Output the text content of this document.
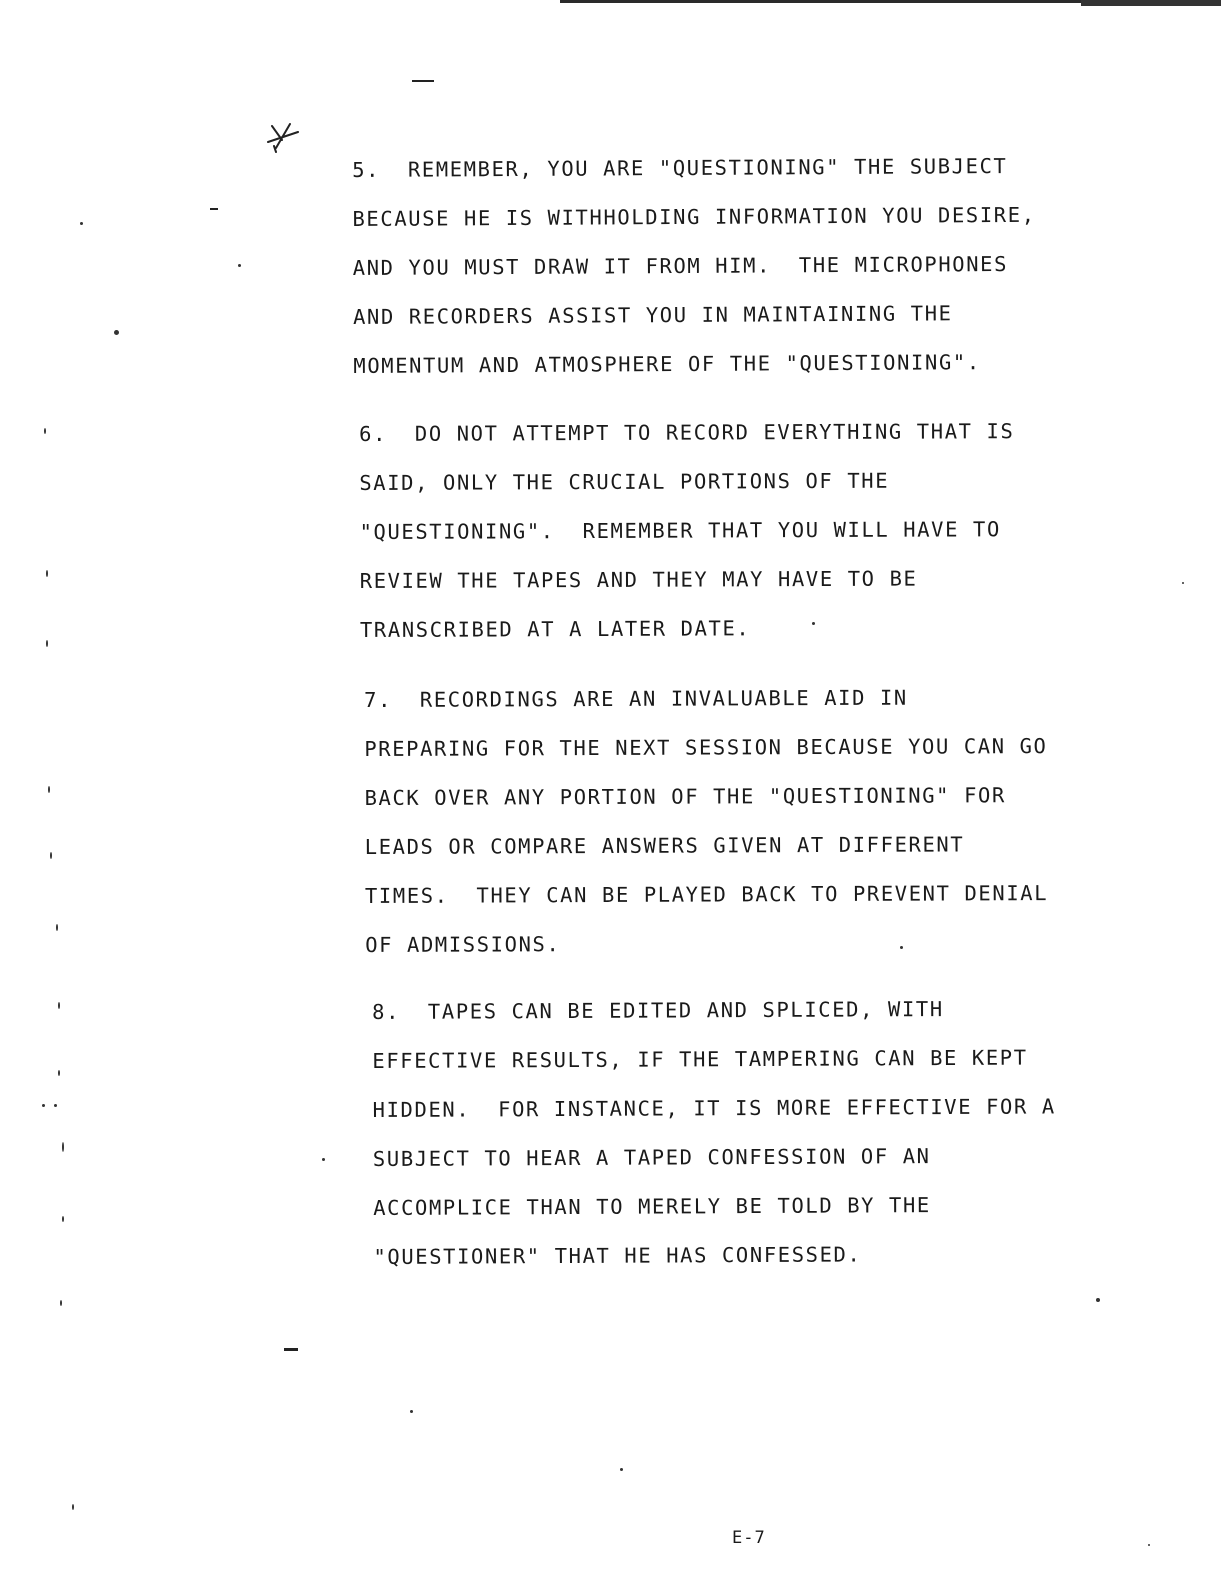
5.  REMEMBER, YOU ARE "QUESTIONING" THE SUBJECT
BECAUSE HE IS WITHHOLDING INFORMATION YOU DESIRE,
AND YOU MUST DRAW IT FROM HIM.  THE MICROPHONES
AND RECORDERS ASSIST YOU IN MAINTAINING THE
MOMENTUM AND ATMOSPHERE OF THE "QUESTIONING".
6.  DO NOT ATTEMPT TO RECORD EVERYTHING THAT IS
SAID, ONLY THE CRUCIAL PORTIONS OF THE
"QUESTIONING".  REMEMBER THAT YOU WILL HAVE TO
REVIEW THE TAPES AND THEY MAY HAVE TO BE
TRANSCRIBED AT A LATER DATE.
7.  RECORDINGS ARE AN INVALUABLE AID IN
PREPARING FOR THE NEXT SESSION BECAUSE YOU CAN GO
BACK OVER ANY PORTION OF THE "QUESTIONING" FOR
LEADS OR COMPARE ANSWERS GIVEN AT DIFFERENT
TIMES.  THEY CAN BE PLAYED BACK TO PREVENT DENIAL
OF ADMISSIONS.
8.  TAPES CAN BE EDITED AND SPLICED, WITH
EFFECTIVE RESULTS, IF THE TAMPERING CAN BE KEPT
HIDDEN.  FOR INSTANCE, IT IS MORE EFFECTIVE FOR A
SUBJECT TO HEAR A TAPED CONFESSION OF AN
ACCOMPLICE THAN TO MERELY BE TOLD BY THE
"QUESTIONER" THAT HE HAS CONFESSED.
E-7
